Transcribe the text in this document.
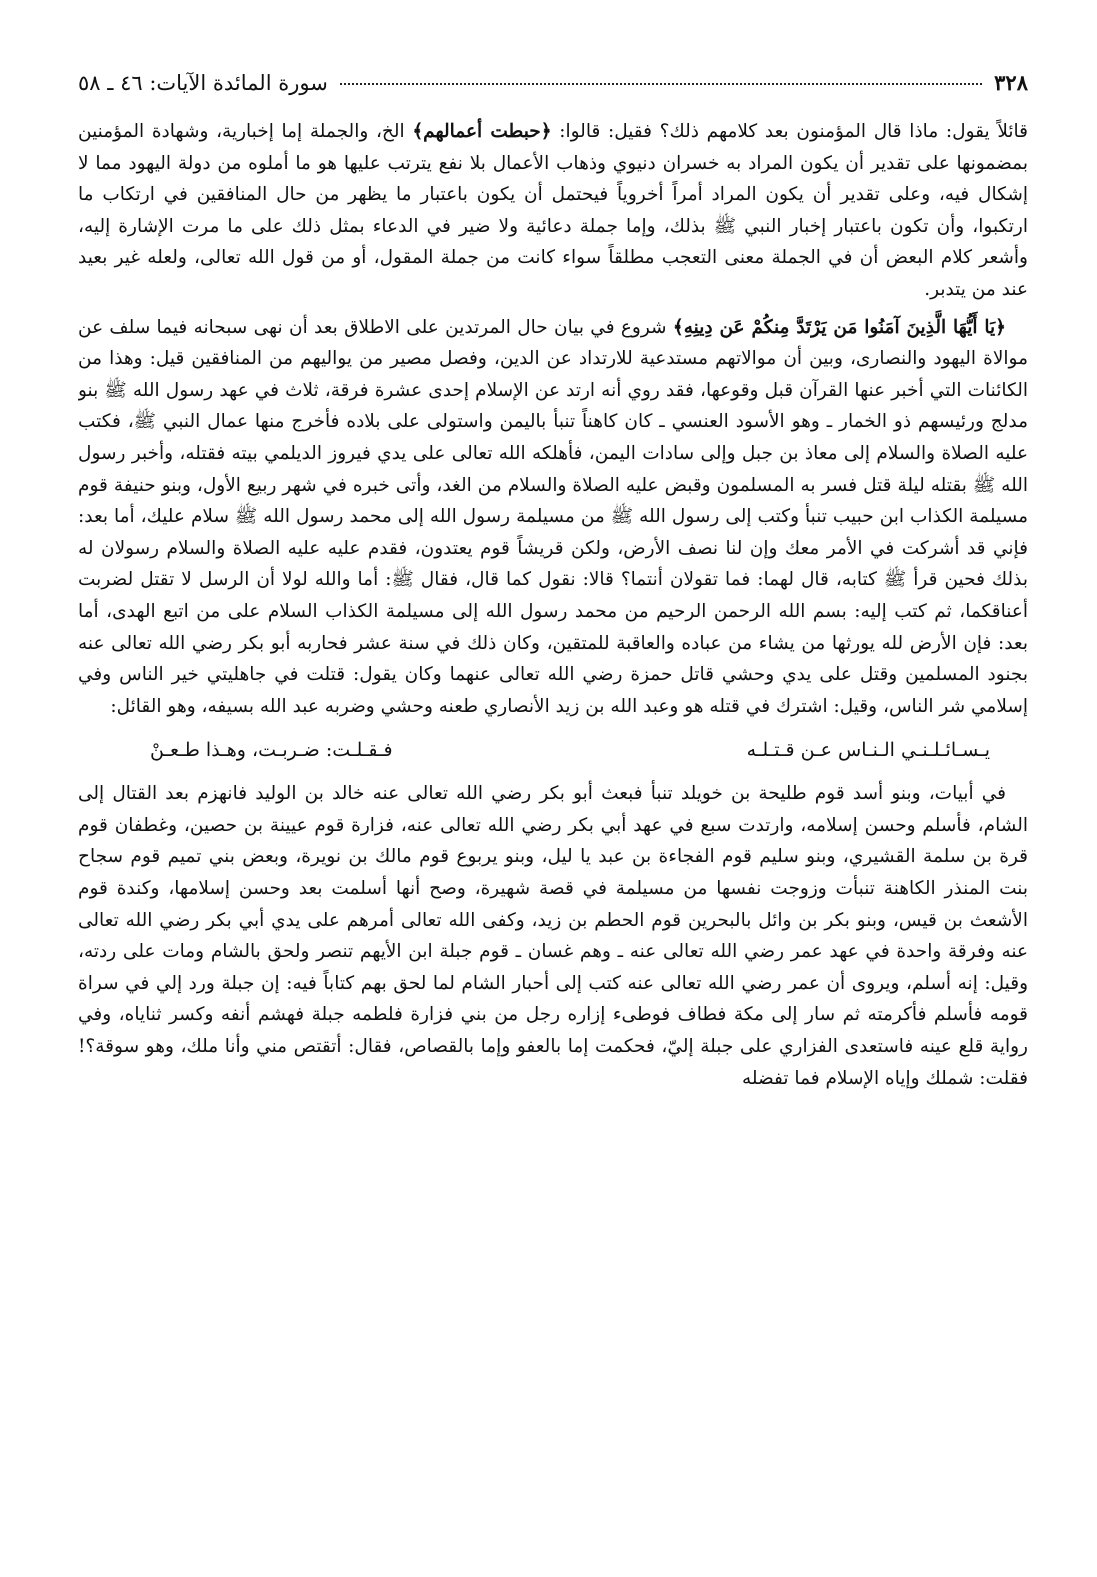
٣٢٨
سورة المائدة الآيات: ٤٦ ـ ٥٨

قائلاً يقول: ماذا قال المؤمنون بعد كلامهم ذلك؟ فقيل: قالوا: ﴿حبطت أعمالهم﴾ الخ، والجملة إما إخبارية، وشهادة المؤمنين بمضمونها على تقدير أن يكون المراد به خسران دنيوي وذهاب الأعمال بلا نفع يترتب عليها هو ما أملوه من دولة اليهود مما لا إشكال فيه، وعلى تقدير أن يكون المراد أمراً أخروياً فيحتمل أن يكون باعتبار ما يظهر من حال المنافقين في ارتكاب ما ارتكبوا، وأن تكون باعتبار إخبار النبي ﷺ بذلك، وإما جملة دعائية ولا ضير في الدعاء بمثل ذلك على ما مرت الإشارة إليه، وأشعر كلام البعض أن في الجملة معنى التعجب مطلقاً سواء كانت من جملة المقول، أو من قول الله تعالى، ولعله غير بعيد عند من يتدبر.

﴿يَا أَيُّهَا الَّذِينَ آمَنُوا مَن يَرْتَدَّ مِنكُمْ عَن دِينِهِ﴾ شروع في بيان حال المرتدين على الاطلاق بعد أن نهى سبحانه فيما سلف عن موالاة اليهود والنصارى، وبين أن موالاتهم مستدعية للارتداد عن الدين، وفصل مصير من يواليهم من المنافقين قيل: وهذا من الكائنات التي أخبر عنها القرآن قبل وقوعها، فقد روي أنه ارتد عن الإسلام إحدى عشرة فرقة، ثلاث في عهد رسول الله ﷺ بنو مدلج ورئيسهم ذو الخمار ـ وهو الأسود العنسي ـ كان كاهناً تنبأ باليمن واستولى على بلاده فأخرج منها عمال النبي ﷺ، فكتب عليه الصلاة والسلام إلى معاذ بن جبل وإلى سادات اليمن، فأهلكه الله تعالى على يدي فيروز الديلمي بيته فقتله، وأخبر رسول الله ﷺ بقتله ليلة قتل فسر به المسلمون وقبض عليه الصلاة والسلام من الغد، وأتى خبره في شهر ربيع الأول، وبنو حنيفة قوم مسيلمة الكذاب ابن حبيب تنبأ وكتب إلى رسول الله ﷺ من مسيلمة رسول الله إلى محمد رسول الله ﷺ سلام عليك، أما بعد: فإني قد أشركت في الأمر معك وإن لنا نصف الأرض، ولكن قريشاً قوم يعتدون، فقدم عليه عليه الصلاة والسلام رسولان له بذلك فحين قرأ ﷺ كتابه، قال لهما: فما تقولان أنتما؟ قالا: نقول كما قال، فقال ﷺ: أما والله لولا أن الرسل لا تقتل لضربت أعناقكما، ثم كتب إليه: بسم الله الرحمن الرحيم من محمد رسول الله إلى مسيلمة الكذاب السلام على من اتبع الهدى، أما بعد: فإن الأرض لله يورثها من يشاء من عباده والعاقبة للمتقين، وكان ذلك في سنة عشر فحاربه أبو بكر رضي الله تعالى عنه بجنود المسلمين وقتل على يدي وحشي قاتل حمزة رضي الله تعالى عنهما وكان يقول: قتلت في جاهليتي خير الناس وفي إسلامي شر الناس، وقيل: اشترك في قتله هو وعبد الله بن زيد الأنصاري طعنه وحشي وضربه عبد الله بسيفه، وهو القائل:

يـسـائـلـنـي الـنـاس عـن قـتـلـه
فـقـلـت: ضـربـت، وهـذا طـعـنْ

في أبيات، وبنو أسد قوم طليحة بن خويلد تنبأ فبعث أبو بكر رضي الله تعالى عنه خالد بن الوليد فانهزم بعد القتال إلى الشام، فأسلم وحسن إسلامه، وارتدت سبع في عهد أبي بكر رضي الله تعالى عنه، فزارة قوم عيينة بن حصين، وغطفان قوم قرة بن سلمة القشيري، وبنو سليم قوم الفجاءة بن عبد يا ليل، وبنو يربوع قوم مالك بن نويرة، وبعض بني تميم قوم سجاح بنت المنذر الكاهنة تنبأت وزوجت نفسها من مسيلمة في قصة شهيرة، وصح أنها أسلمت بعد وحسن إسلامها، وكندة قوم الأشعث بن قيس، وبنو بكر بن وائل بالبحرين قوم الحطم بن زيد، وكفى الله تعالى أمرهم على يدي أبي بكر رضي الله تعالى عنه وفرقة واحدة في عهد عمر رضي الله تعالى عنه ـ وهم غسان ـ قوم جبلة ابن الأيهم تنصر ولحق بالشام ومات على ردته، وقيل: إنه أسلم، ويروى أن عمر رضي الله تعالى عنه كتب إلى أحبار الشام لما لحق بهم كتاباً فيه: إن جبلة ورد إلي في سراة قومه فأسلم فأكرمته ثم سار إلى مكة فطاف فوطىء إزاره رجل من بني فزارة فلطمه جبلة فهشم أنفه وكسر ثناياه، وفي رواية قلع عينه فاستعدى الفزاري على جبلة إليّ، فحكمت إما بالعفو وإما بالقصاص، فقال: أتقتص مني وأنا ملك، وهو سوقة؟! فقلت: شملك وإياه الإسلام فما تفضله
